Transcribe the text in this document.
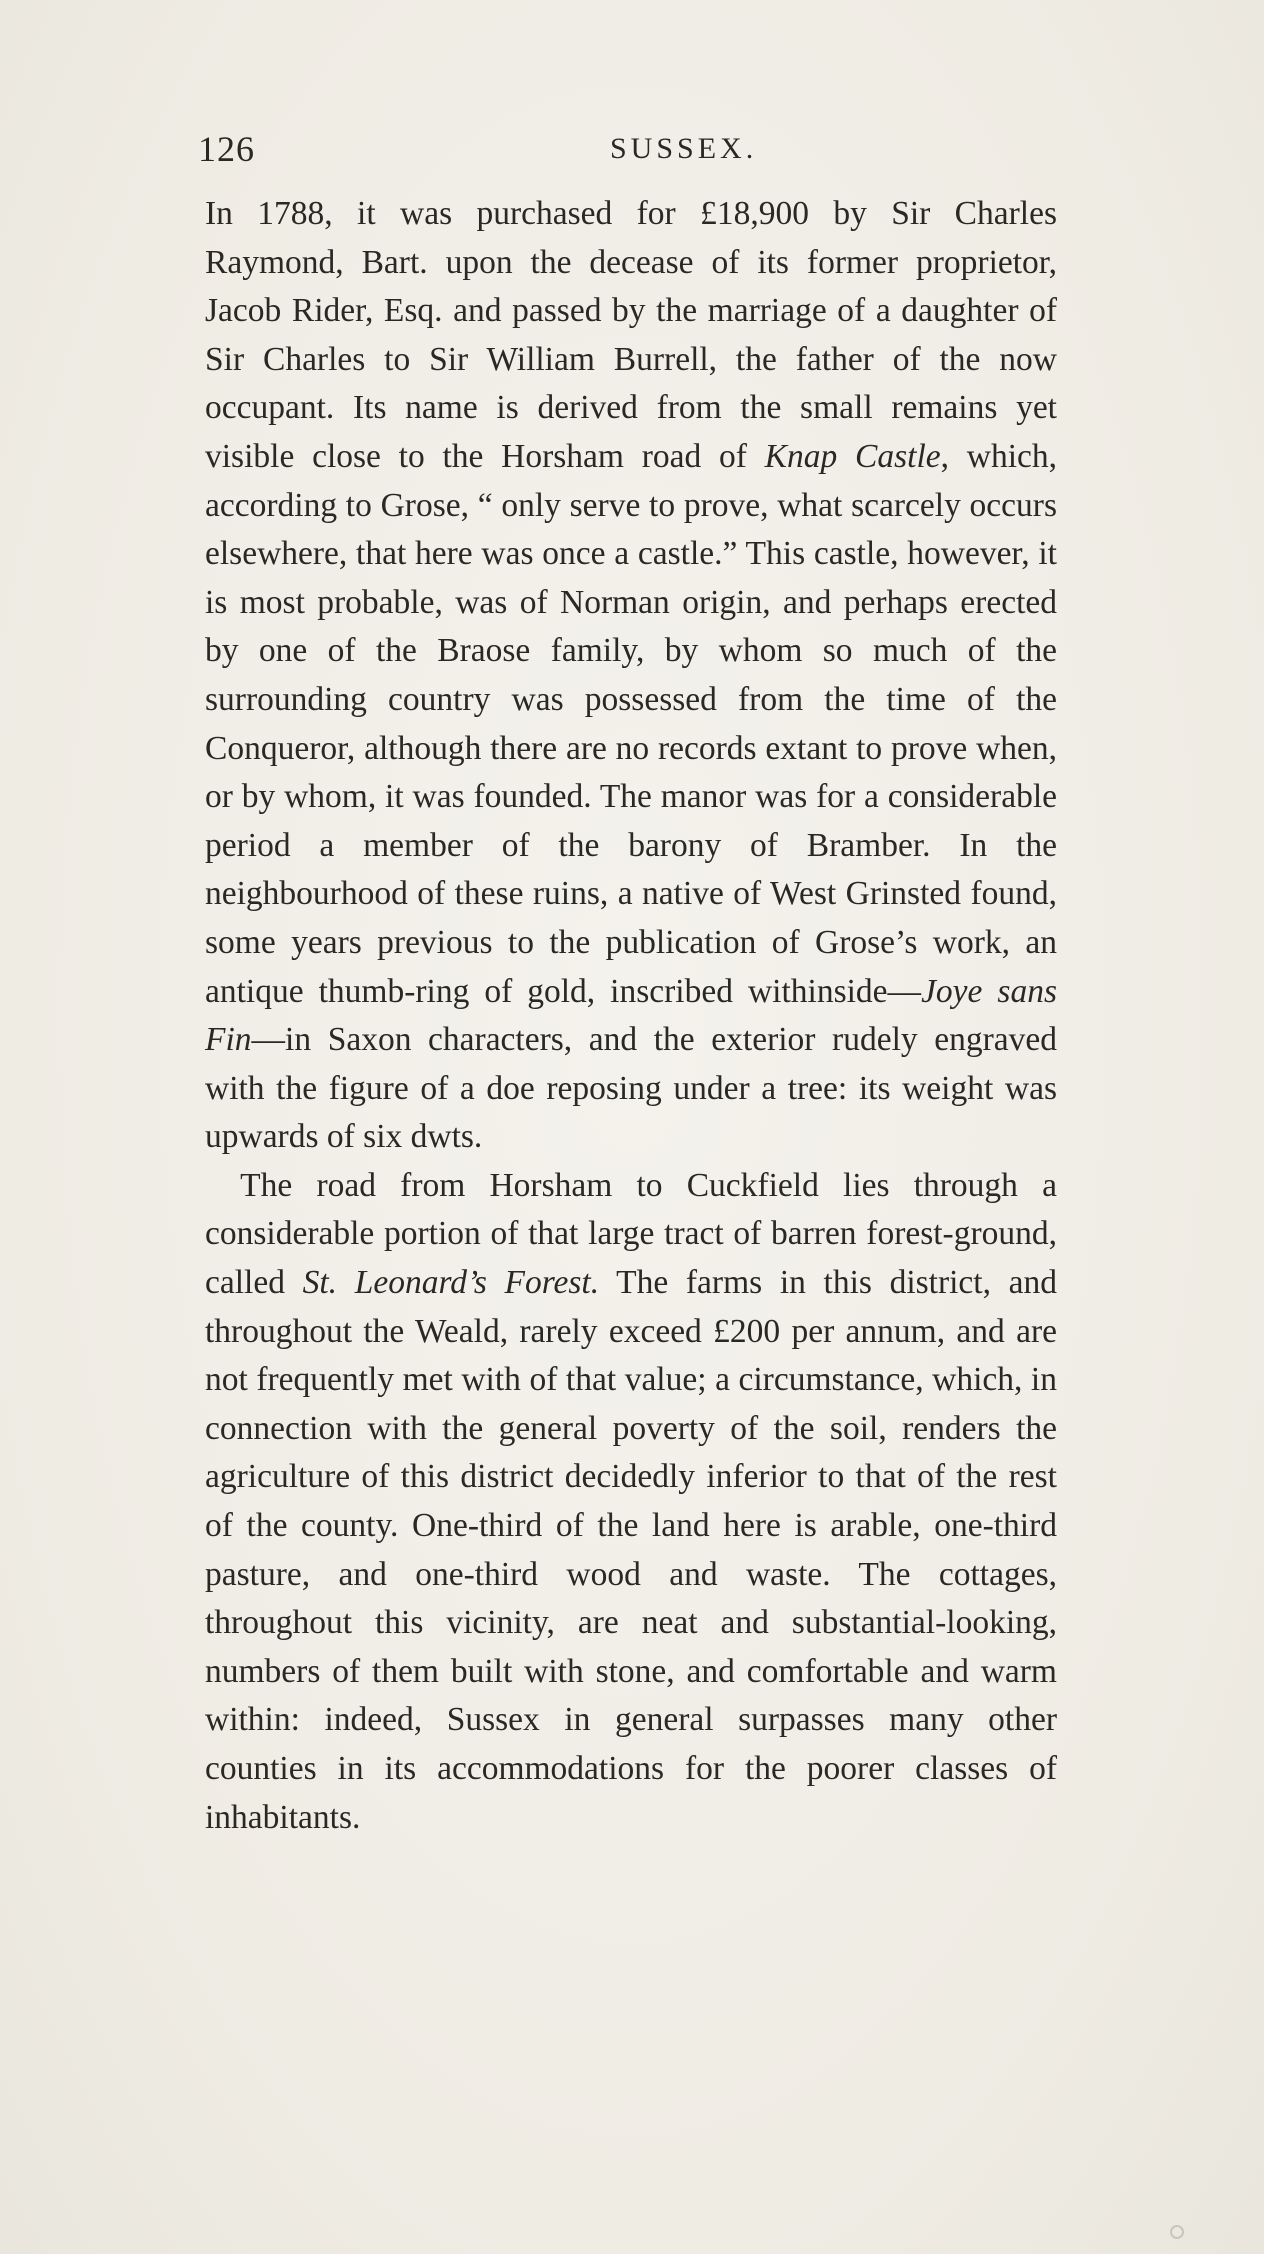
126	SUSSEX.

In 1788, it was purchased for £18,900 by Sir Charles Raymond, Bart. upon the decease of its former proprietor, Jacob Rider, Esq. and passed by the marriage of a daughter of Sir Charles to Sir William Burrell, the father of the now occupant. Its name is derived from the small remains yet visible close to the Horsham road of Knap Castle, which, according to Grose, “ only serve to prove, what scarcely occurs elsewhere, that here was once a castle.” This castle, however, it is most probable, was of Norman origin, and perhaps erected by one of the Braose family, by whom so much of the surrounding country was possessed from the time of the Conqueror, although there are no records extant to prove when, or by whom, it was founded. The manor was for a considerable period a member of the barony of Bramber. In the neighbourhood of these ruins, a native of West Grinsted found, some years previous to the publication of Grose’s work, an antique thumb-ring of gold, inscribed withinside—Joye sans Fin—in Saxon characters, and the exterior rudely engraved with the figure of a doe reposing under a tree: its weight was upwards of six dwts.

The road from Horsham to Cuckfield lies through a considerable portion of that large tract of barren forest-ground, called St. Leonard’s Forest. The farms in this district, and throughout the Weald, rarely exceed £200 per annum, and are not frequently met with of that value; a circumstance, which, in connection with the general poverty of the soil, renders the agriculture of this district decidedly inferior to that of the rest of the county. One-third of the land here is arable, one-third pasture, and one-third wood and waste. The cottages, throughout this vicinity, are neat and substantial-looking, numbers of them built with stone, and comfortable and warm within: indeed, Sussex in general surpasses many other counties in its accommodations for the poorer classes of inhabitants.
